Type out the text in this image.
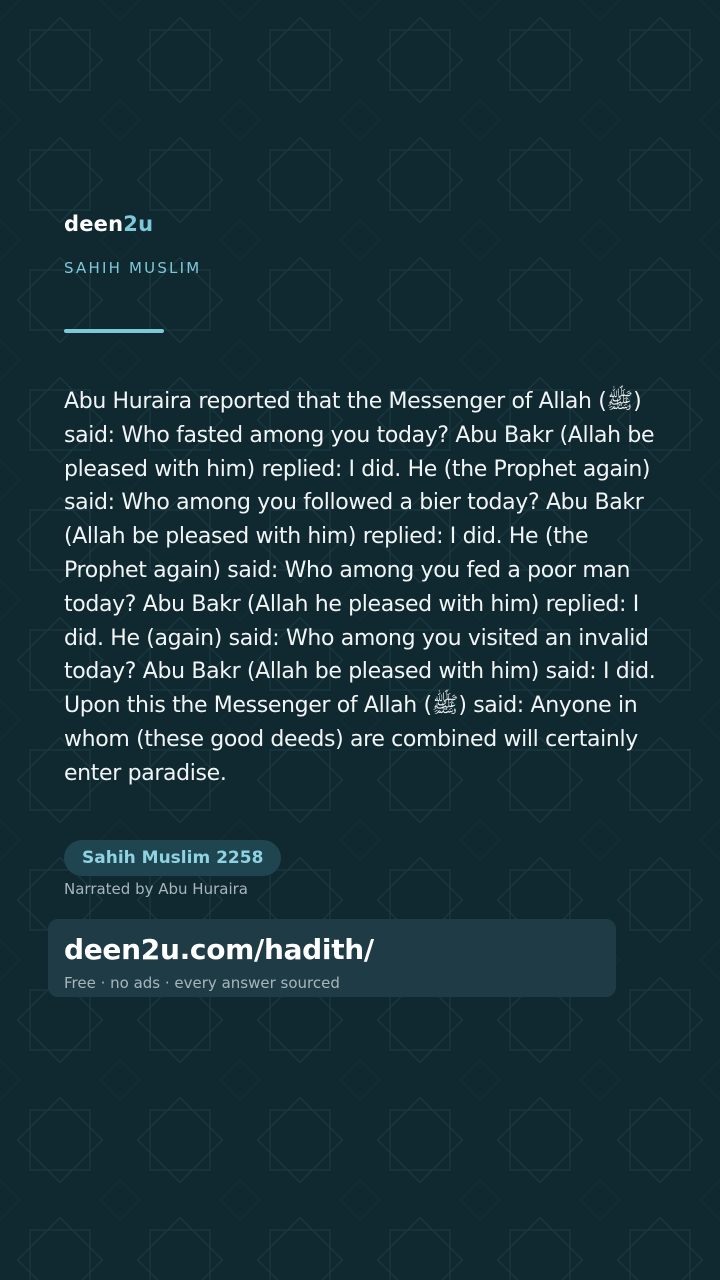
deen2u
SAHIH MUSLIM
Abu Huraira reported that the Messenger of Allah (ﷺ) said: Who fasted among you today? Abu Bakr (Allah be pleased with him) replied: I did. He (the Prophet again) said: Who among you followed a bier today? Abu Bakr (Allah be pleased with him) replied: I did. He (the Prophet again) said: Who among you fed a poor man today? Abu Bakr (Allah he pleased with him) replied: I did. He (again) said: Who among you visited an invalid today? Abu Bakr (Allah be pleased with him) said: I did. Upon this the Messenger of Allah (ﷺ) said: Anyone in whom (these good deeds) are combined will certainly enter paradise.
Sahih Muslim 2258
Narrated by Abu Huraira
deen2u.com/hadith/
Free · no ads · every answer sourced
